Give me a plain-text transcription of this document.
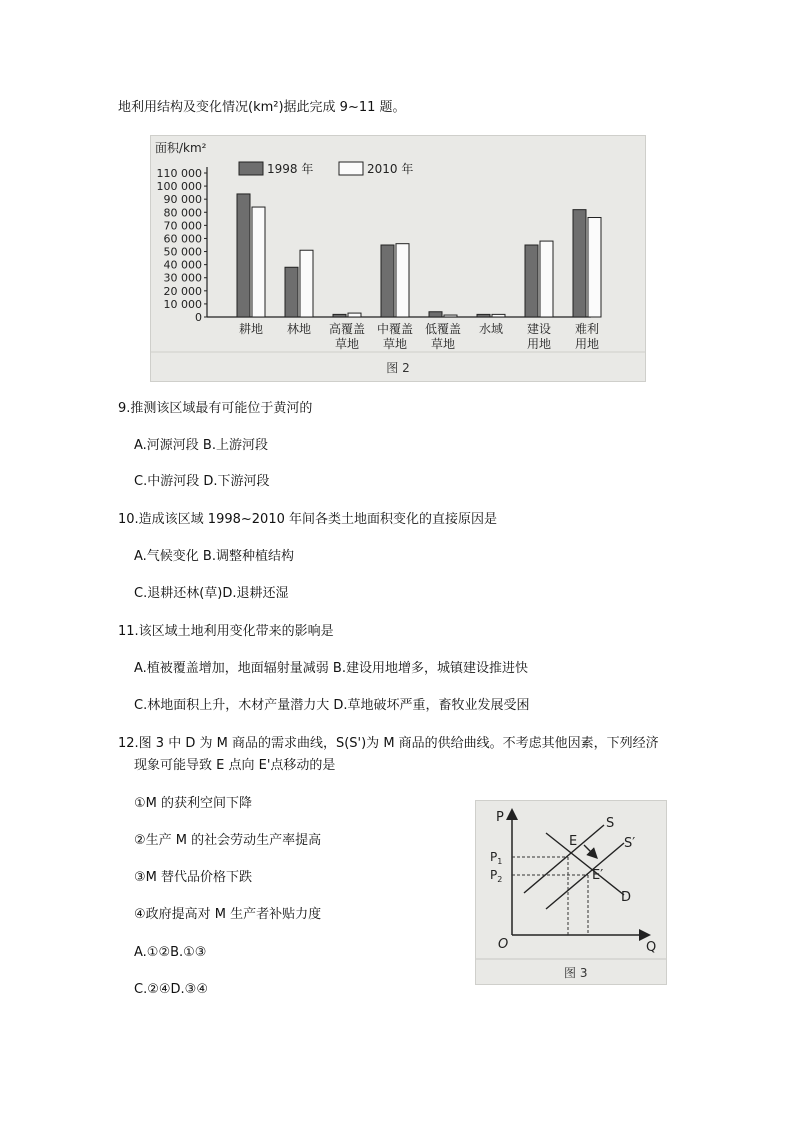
地利用结构及变化情况(km²)据此完成 9~11 题。
面积/km²
0
10 000
20 000
30 000
40 000
50 000
60 000
70 000
80 000
90 000
100 000
110 000
耕地 林地 高覆盖
草地
中覆盖
草地
低覆盖
草地
水域 建设
用地
难利
用地
1998 年	2010 年
图 2
9.推测该区域最有可能位于黄河的
A.河源河段 B.上游河段
C.中游河段 D.下游河段
10.造成该区域 1998~2010 年间各类土地面积变化的直接原因是
A.气候变化 B.调整种植结构
C.退耕还林(草)D.退耕还湿
11.该区域土地利用变化带来的影响是
A.植被覆盖增加，地面辐射量减弱 B.建设用地增多，城镇建设推进快
C.林地面积上升，木材产量潜力大 D.草地破坏严重，畜牧业发展受困
12.图 3 中 D 为 M 商品的需求曲线，S(S')为 M 商品的供给曲线。不考虑其他因素，下列经济
现象可能导致 E 点向 E'点移动的是
①M 的获利空间下降
②生产 M 的社会劳动生产率提高
③M 替代品价格下跌
④政府提高对 M 生产者补贴力度
A.①②B.①③
C.②④D.③④
P
Q
O
S
S′
E
E′
D
$P_1$
$P_2$
图 3
